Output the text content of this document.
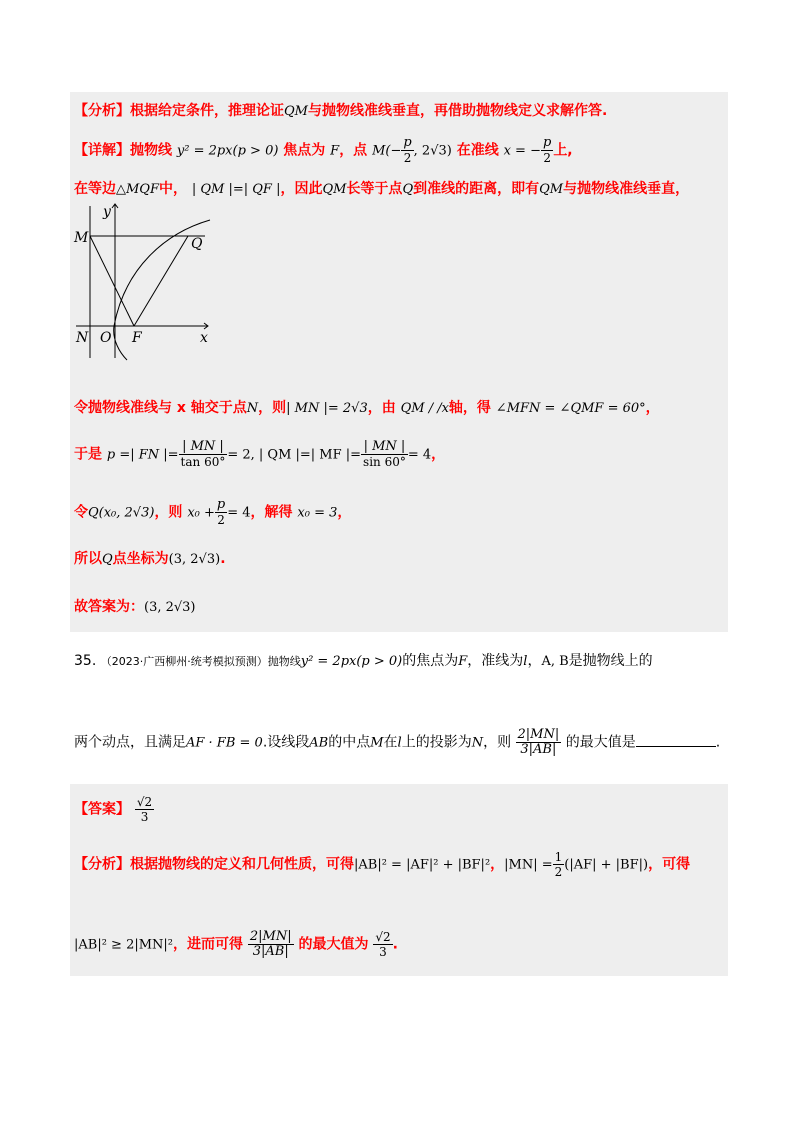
【分析】根据给定条件，推理论证QM与抛物线准线垂直，再借助抛物线定义求解作答.
【详解】抛物线 y² = 2px(p > 0) 焦点为 F，点 $M(- \frac{p}{2}$ , 2√3) 在准线 x = − $\frac{p}{2}$ 上,
在等边△MQF中， | QM |=| QF |，因此QM长等于点Q到准线的距离，即有QM与抛物线准线垂直，
y
M	Q
N O F	x
令抛物线准线与 x 轴交于点N，则| MN |= 2√3，由 QM / /x轴，得 ∠MFN = ∠QMF = 60°，
于是 p =| FN |= $\frac{| MN |}{\tan 60^\circ} = 2$, | QM |=| MF |= $\frac{| MN |}{\sin 60^\circ} = 4$，
令Q(x₀, 2√3)，则 $x_0 + \frac{p}{2} = 4$，解得 x₀ = 3，
所以Q点坐标为(3, 2√3).
故答案为：(3, 2√3)
35. （2023·广西柳州·统考模拟预测）抛物线y² = 2px(p > 0)的焦点为F，准线为l，A, B是抛物线上的
两个动点，且满足AF · FB = 0.设线段AB的中点M在l上的投影为N，则 $\frac{2|MN|}{3|AB|}$ 的最大值是	.
【答案】 $\frac{√2}{3}$
【分析】根据抛物线的定义和几何性质，可得|AB|² = |AF|² + |BF|²，$|MN| = \frac{1}{2} (|AF| + |BF|)$，可得
|AB|² ≥ 2|MN|²，进而可得 $\frac{2|MN|}{3|AB|}$ 的最大值为 $\frac{√2}{3}$ .
